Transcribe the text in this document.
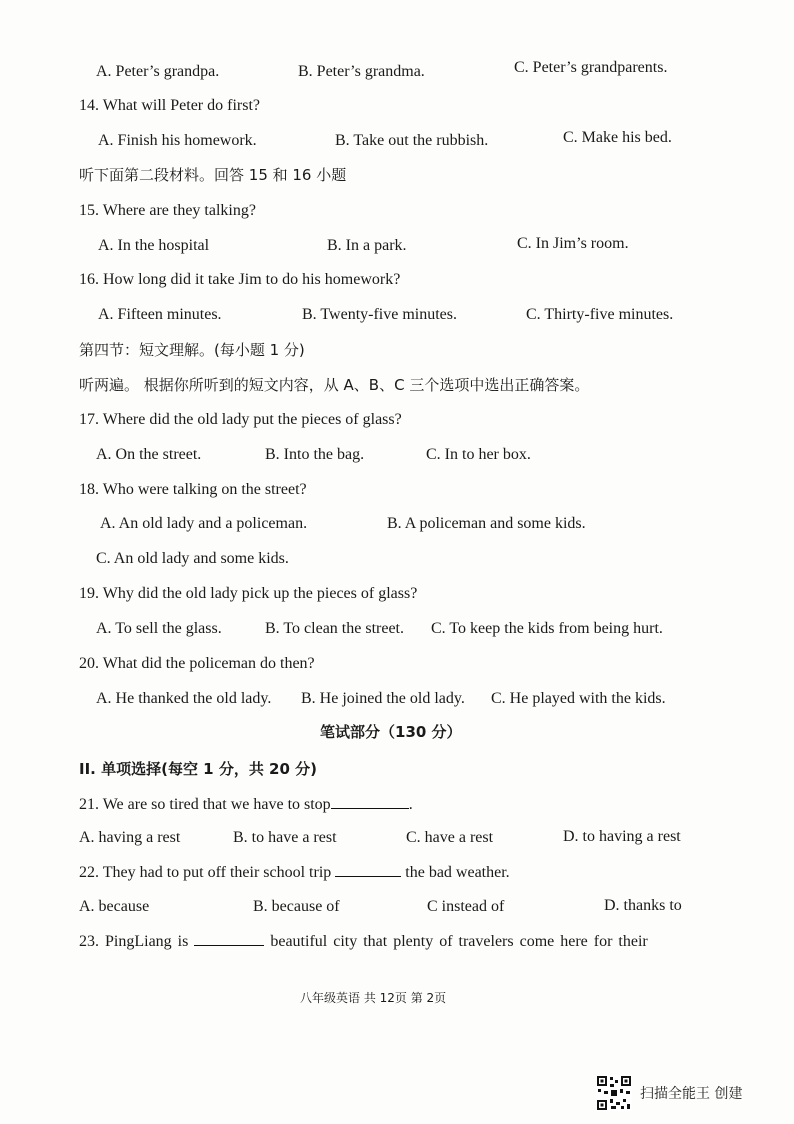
A. Peter’s grandpa.	B. Peter’s grandma.	C. Peter’s grandparents.
14. What will Peter do first?
A. Finish his homework.	B. Take out the rubbish.	C. Make his bed.
听下面第二段材料。回答 15 和 16 小题
15. Where are they talking?
A. In the hospital	B. In a park.	C. In Jim’s room.
16. How long did it take Jim to do his homework?
A. Fifteen minutes.	B. Twenty-five minutes.	C. Thirty-five minutes.
第四节：短文理解。(每小题 1 分)
听两遍。 根据你所听到的短文内容，从 A、B、C 三个选项中选出正确答案。
17. Where did the old lady put the pieces of glass?
A. On the street.	B. Into the bag.	C. In to her box.
18. Who were talking on the street?
A. An old lady and a policeman.	B. A policeman and some kids.
C. An old lady and some kids.
19. Why did the old lady pick up the pieces of glass?
A. To sell the glass.	B. To clean the street. C. To keep the kids from being hurt.
20. What did the policeman do then?
A. He thanked the old lady. B. He joined the old lady. C. He played with the kids.
笔试部分（130 分）
II. 单项选择(每空 1 分，共 20 分)
21. We are so tired that we have to stop	.
A. having a rest	B. to have a rest	C. have a rest	D. to having a rest
22. They had to put off their school trip	the bad weather.
A. because	B. because of	C instead of	D. thanks to
23. PingLiang is	beautiful city that plenty of travelers come here for their
八年级英语 共 12页 第 2页
扫描全能王 创建
